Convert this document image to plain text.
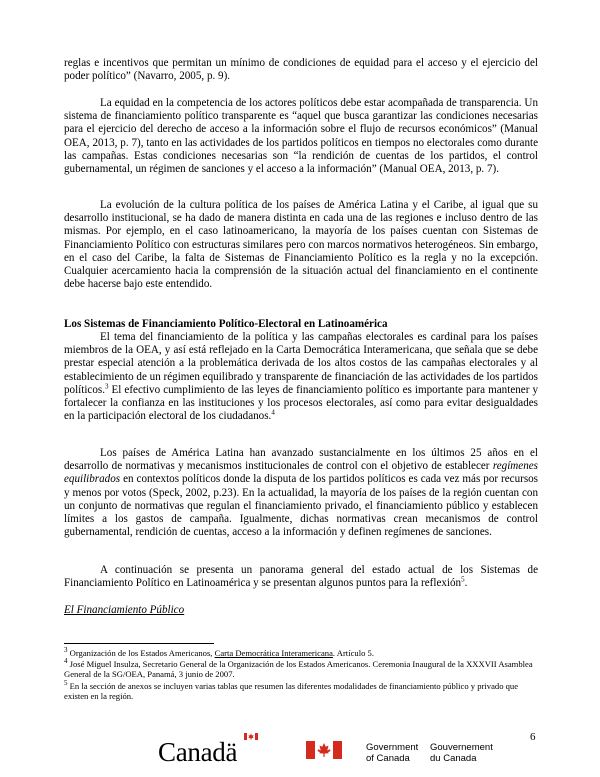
reglas e incentivos que permitan un mínimo de condiciones de equidad para el acceso y el ejercicio del poder político” (Navarro, 2005, p. 9).

La equidad en la competencia de los actores políticos debe estar acompañada de transparencia. Un sistema de financiamiento político transparente es “aquel que busca garantizar las condiciones necesarias para el ejercicio del derecho de acceso a la información sobre el flujo de recursos económicos” (Manual OEA, 2013, p. 7), tanto en las actividades de los partidos políticos en tiempos no electorales como durante las campañas. Estas condiciones necesarias son “la rendición de cuentas de los partidos, el control gubernamental, un régimen de sanciones y el acceso a la información” (Manual OEA, 2013, p. 7).

La evolución de la cultura política de los países de América Latina y el Caribe, al igual que su desarrollo institucional, se ha dado de manera distinta en cada una de las regiones e incluso dentro de las mismas. Por ejemplo, en el caso latinoamericano, la mayoría de los países cuentan con Sistemas de Financiamiento Político con estructuras similares pero con marcos normativos heterogéneos. Sin embargo, en el caso del Caribe, la falta de Sistemas de Financiamiento Político es la regla y no la excepción. Cualquier acercamiento hacia la comprensión de la situación actual del financiamiento en el continente debe hacerse bajo este entendido.

Los Sistemas de Financiamiento Político-Electoral en Latinoamérica

El tema del financiamiento de la política y las campañas electorales es cardinal para los países miembros de la OEA, y así está reflejado en la Carta Democrática Interamericana, que señala que se debe prestar especial atención a la problemática derivada de los altos costos de las campañas electorales y al establecimiento de un régimen equilibrado y transparente de financiación de las actividades de los partidos políticos.$^3$ El efectivo cumplimiento de las leyes de financiamiento político es importante para mantener y fortalecer la confianza en las instituciones y los procesos electorales, así como para evitar desigualdades en la participación electoral de los ciudadanos.$^4$

Los países de América Latina han avanzado sustancialmente en los últimos 25 años en el desarrollo de normativas y mecanismos institucionales de control con el objetivo de establecer regímenes equilibrados en contextos políticos donde la disputa de los partidos políticos es cada vez más por recursos y menos por votos (Speck, 2002, p.23). En la actualidad, la mayoría de los países de la región cuentan con un conjunto de normativas que regulan el financiamiento privado, el financiamiento público y establecen límites a los gastos de campaña. Igualmente, dichas normativas crean mecanismos de control gubernamental, rendición de cuentas, acceso a la información y definen regímenes de sanciones.

A continuación se presenta un panorama general del estado actual de los Sistemas de Financiamiento Político en Latinoamérica y se presentan algunos puntos para la reflexión$^5$.

El Financiamiento Público

$^3$ Organización de los Estados Americanos, Carta Democrática Interamericana. Artículo 5.

$^4$ José Miguel Insulza, Secretario General de la Organización de los Estados Americanos. Ceremonia Inaugural de la XXXVII Asamblea General de la SG/OEA, Panamá, 3 junio de 2007.

$^5$ En la sección de anexos se incluyen varias tablas que resumen las diferentes modalidades de financiamiento público y privado que existen en la región.

6
Canadä	Government
of Canada
Gouvernement
du Canada
